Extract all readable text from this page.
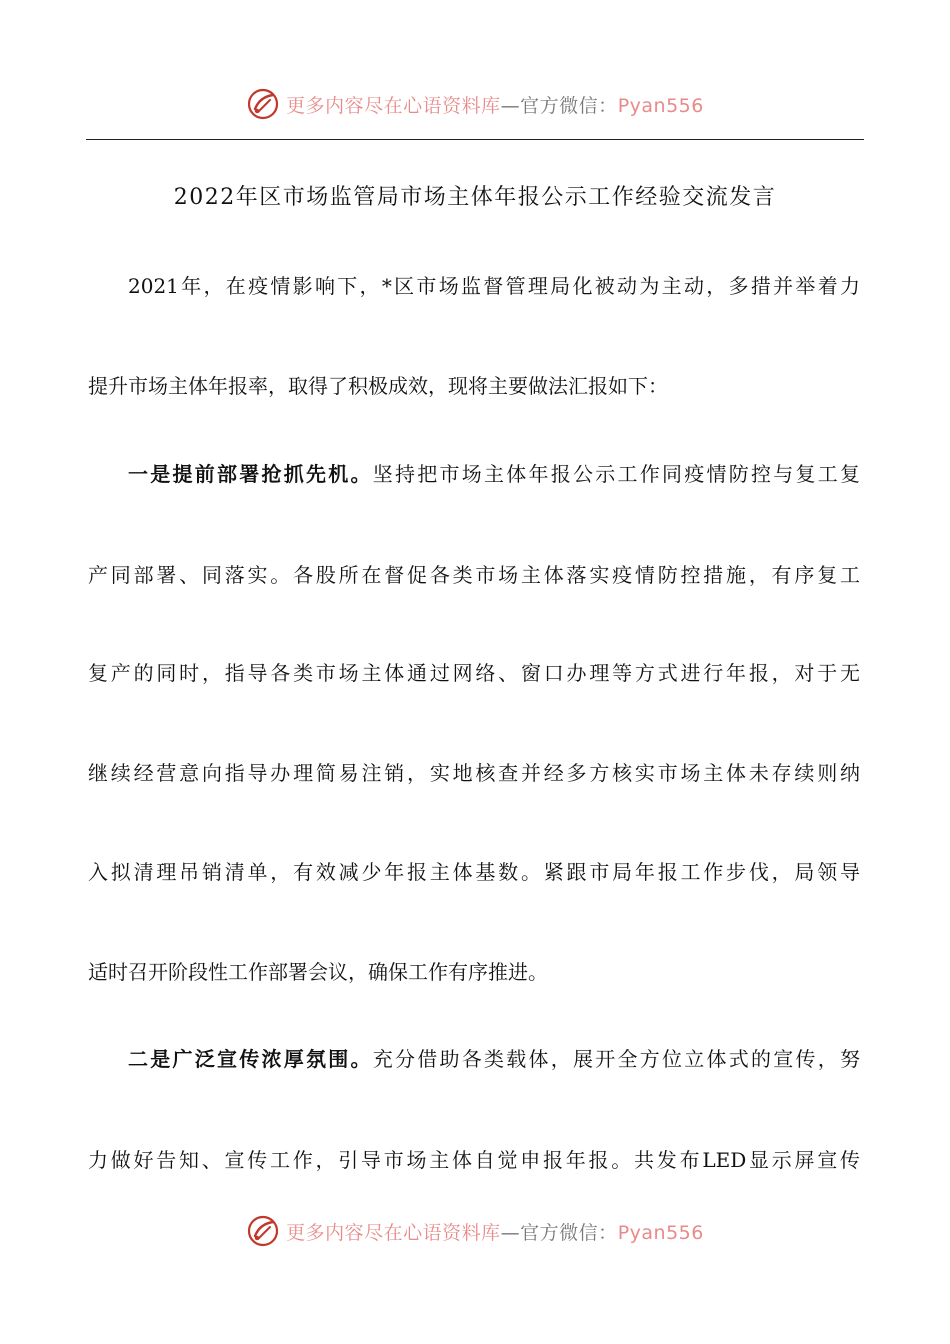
更多内容尽在心语资料库—官方微信：Pyan556
2022年区市场监管局市场主体年报公示工作经验交流发言
2021年，在疫情影响下，*区市场监督管理局化被动为主动，多措并举着力
提升市场主体年报率，取得了积极成效，现将主要做法汇报如下：
一是提前部署抢抓先机。坚持把市场主体年报公示工作同疫情防控与复工复
产同部署、同落实。各股所在督促各类市场主体落实疫情防控措施，有序复工
复产的同时，指导各类市场主体通过网络、窗口办理等方式进行年报，对于无
继续经营意向指导办理简易注销，实地核查并经多方核实市场主体未存续则纳
入拟清理吊销清单，有效减少年报主体基数。紧跟市局年报工作步伐，局领导
适时召开阶段性工作部署会议，确保工作有序推进。
二是广泛宣传浓厚氛围。充分借助各类载体，展开全方位立体式的宣传，努
力做好告知、宣传工作，引导市场主体自觉申报年报。共发布LED显示屏宣传
更多内容尽在心语资料库—官方微信：Pyan556
